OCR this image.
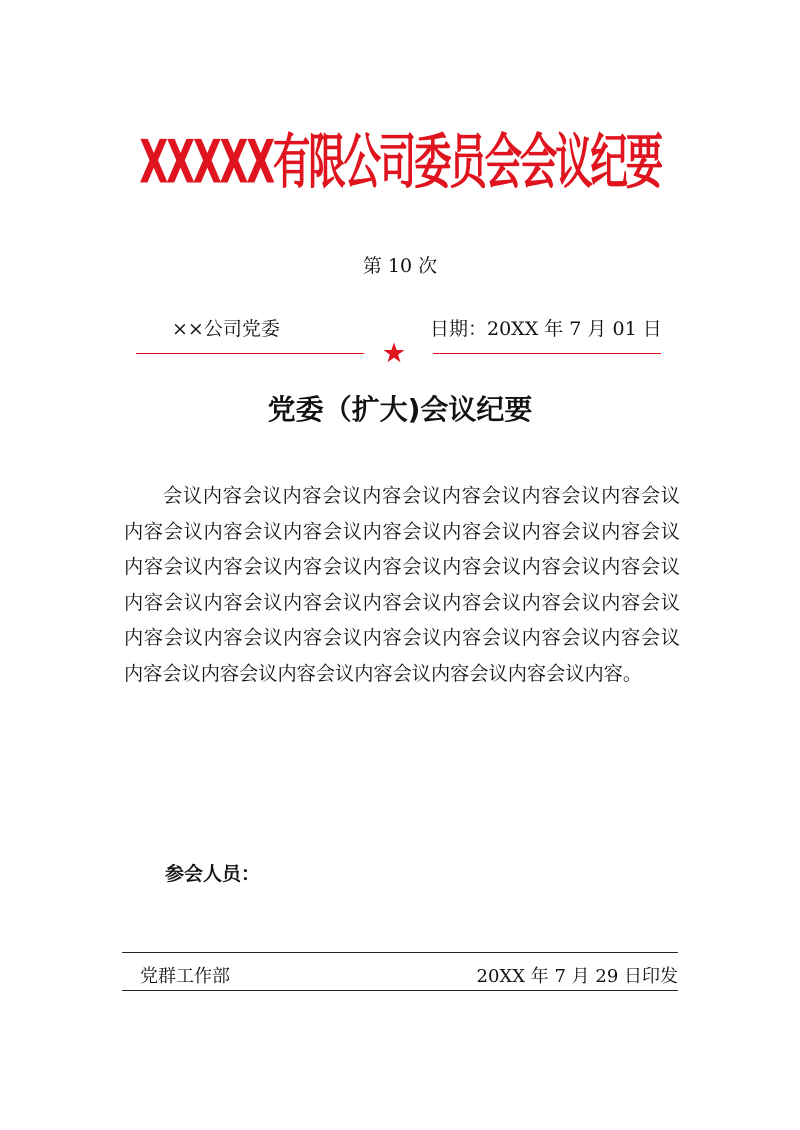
XXXXX有限公司委员会会议纪要
第 10 次
××公司党委	日期：20XX 年 7 月 01 日
党委（扩大)会议纪要

会议内容会议内容会议内容会议内容会议内容会议内容会议内容会议内容会议内容会议内容会议内容会议内容会议内容会议内容会议内容会议内容会议内容会议内容会议内容会议内容会议内容会议内容会议内容会议内容会议内容会议内容会议内容会议内容会议内容会议内容会议内容会议内容会议内容会议内容会议内容会议内容会议内容会议内容会议内容会议内容会议内容。

参会人员：
党群工作部	20XX 年 7 月 29 日印发
